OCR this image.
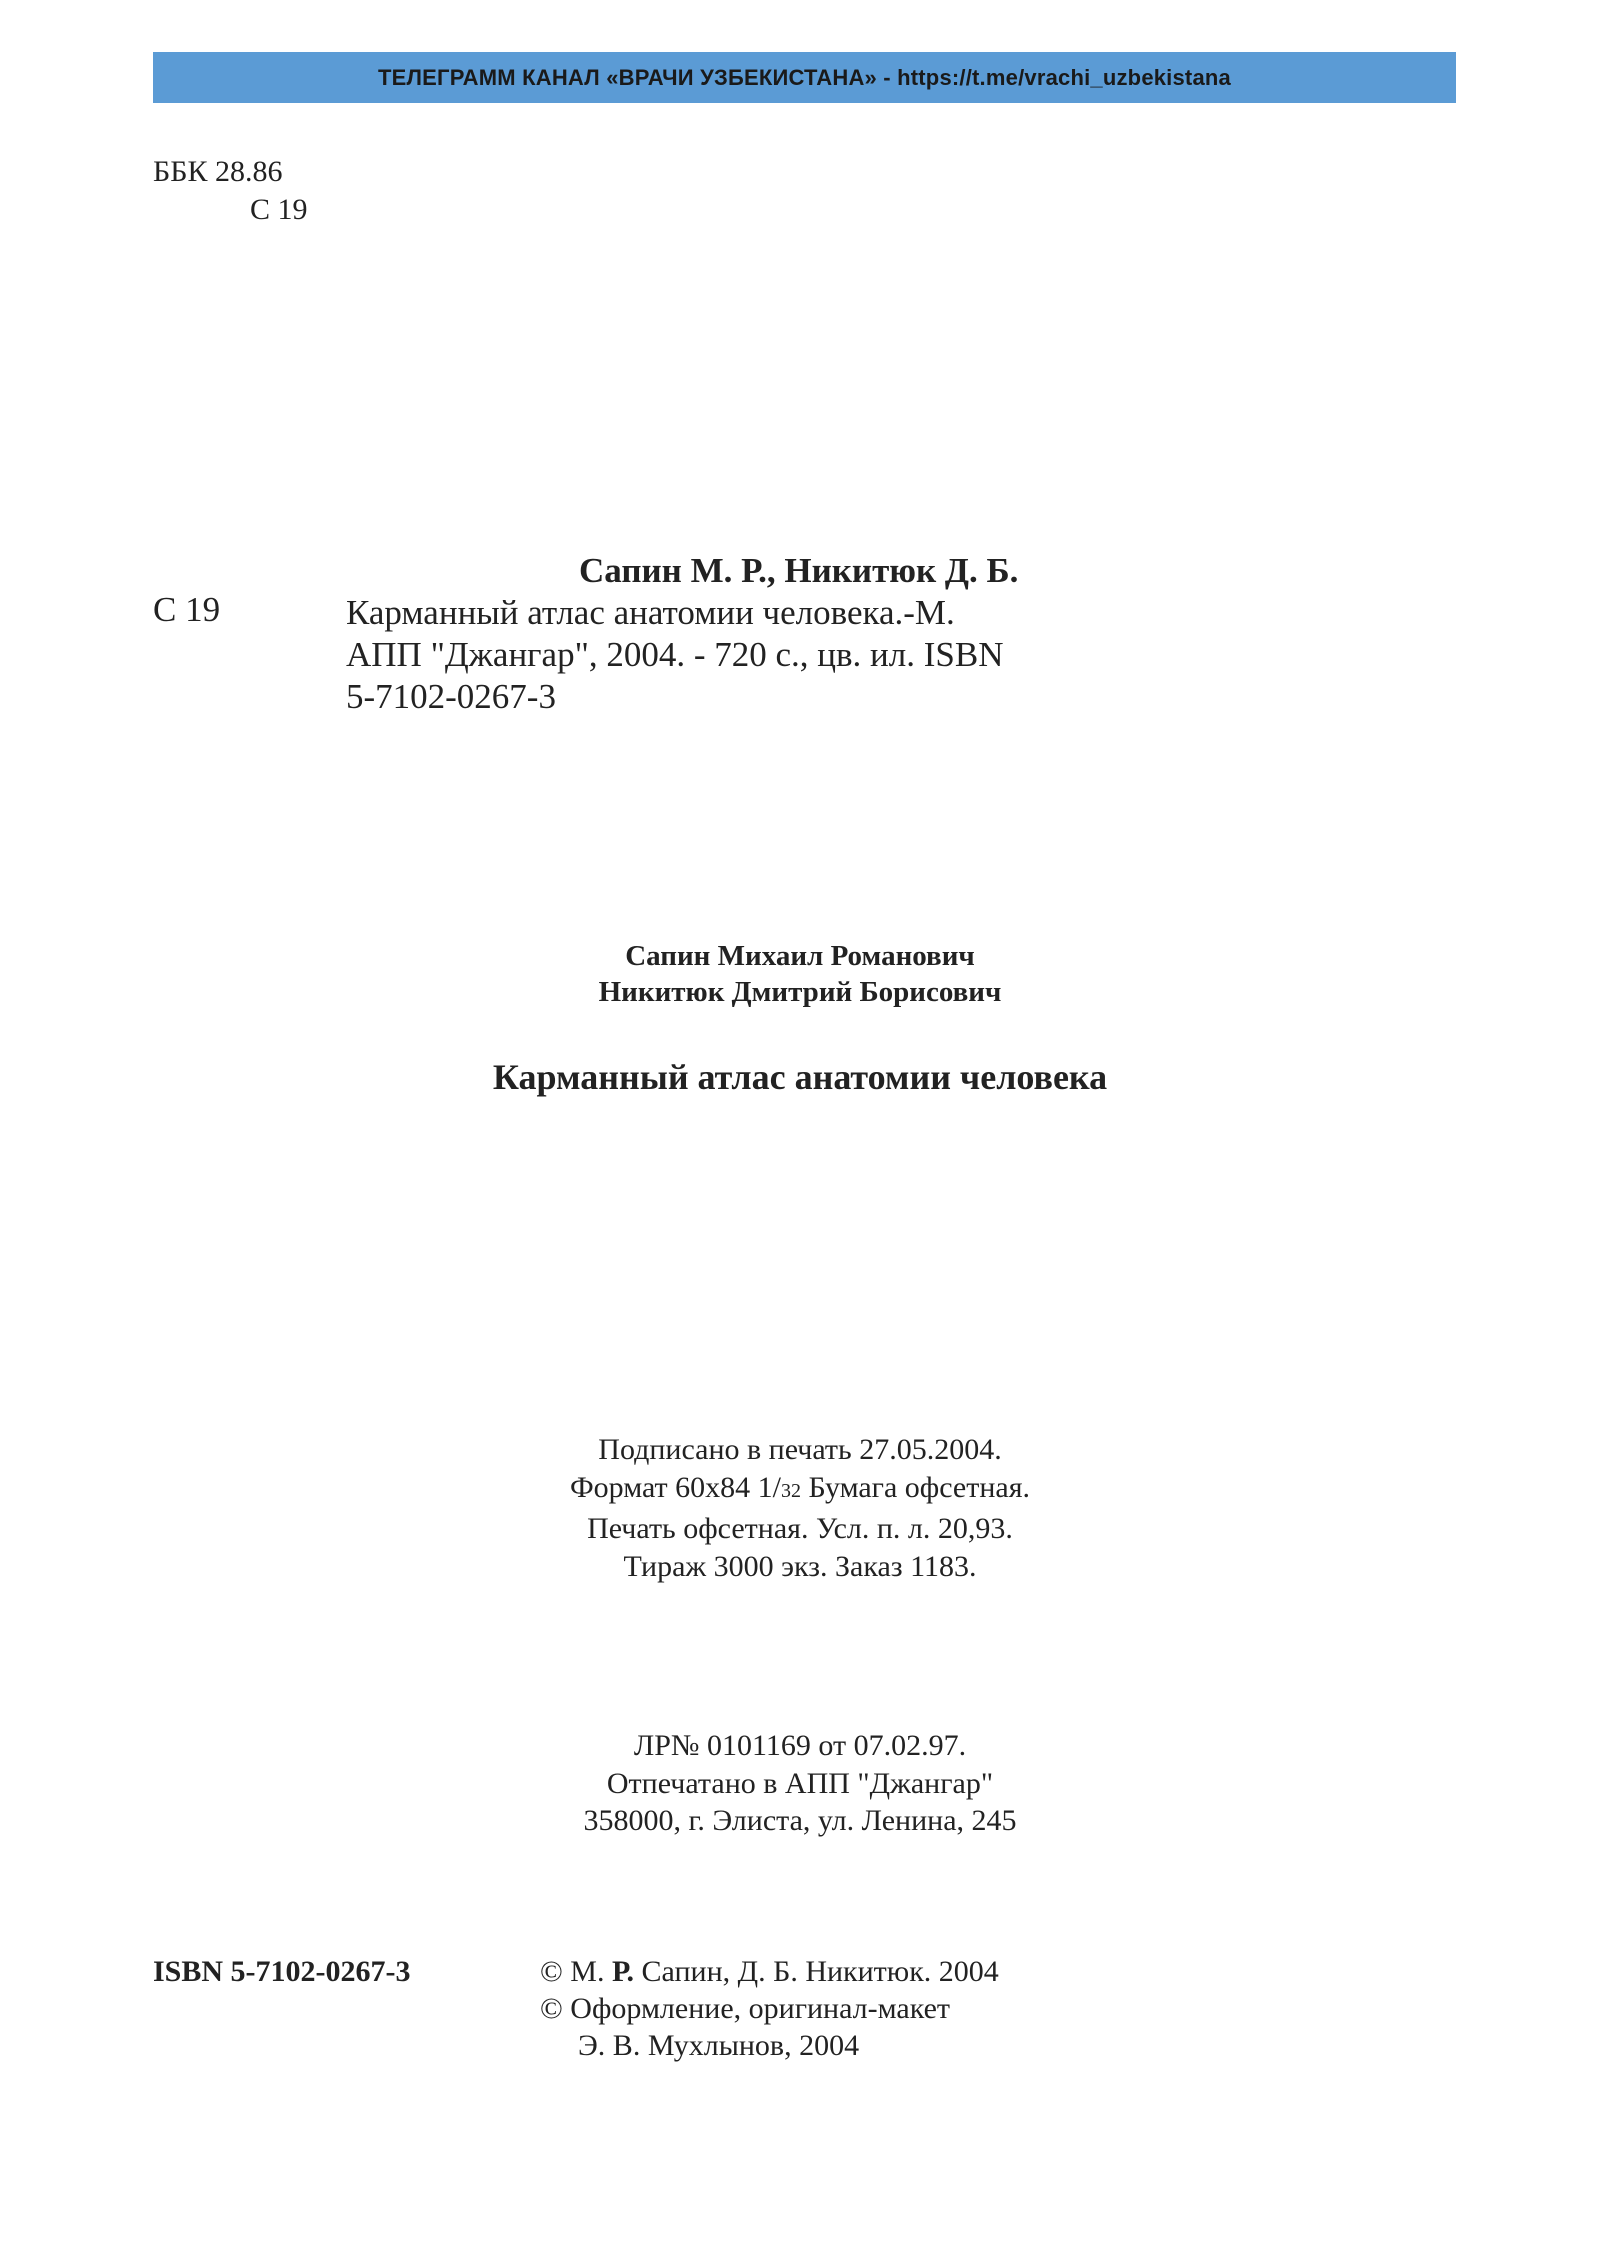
ТЕЛЕГРАММ КАНАЛ «ВРАЧИ УЗБЕКИСТАНА» - https://t.me/vrachi_uzbekistana
ББК 28.86
С 19
С 19
Сапин М. Р., Никитюк Д. Б.
Карманный атлас анатомии человека.-М.
АПП "Джангар", 2004. - 720 с., цв. ил. ISBN
5-7102-0267-3
Сапин Михаил Романович
Никитюк Дмитрий Борисович
Карманный атлас анатомии человека
Подписано в печать 27.05.2004.
Формат 60x84 1/32 Бумага офсетная.
Печать офсетная. Усл. п. л. 20,93.
Тираж 3000 экз. Заказ 1183.
ЛР№ 0101169 от 07.02.97.
Отпечатано в АПП "Джангар"
358000, г. Элиста, ул. Ленина, 245
ISBN 5-7102-0267-3	© М. Р. Сапин, Д. Б. Никитюк. 2004
© Оформление, оригинал-макет
Э. В. Мухлынов, 2004
